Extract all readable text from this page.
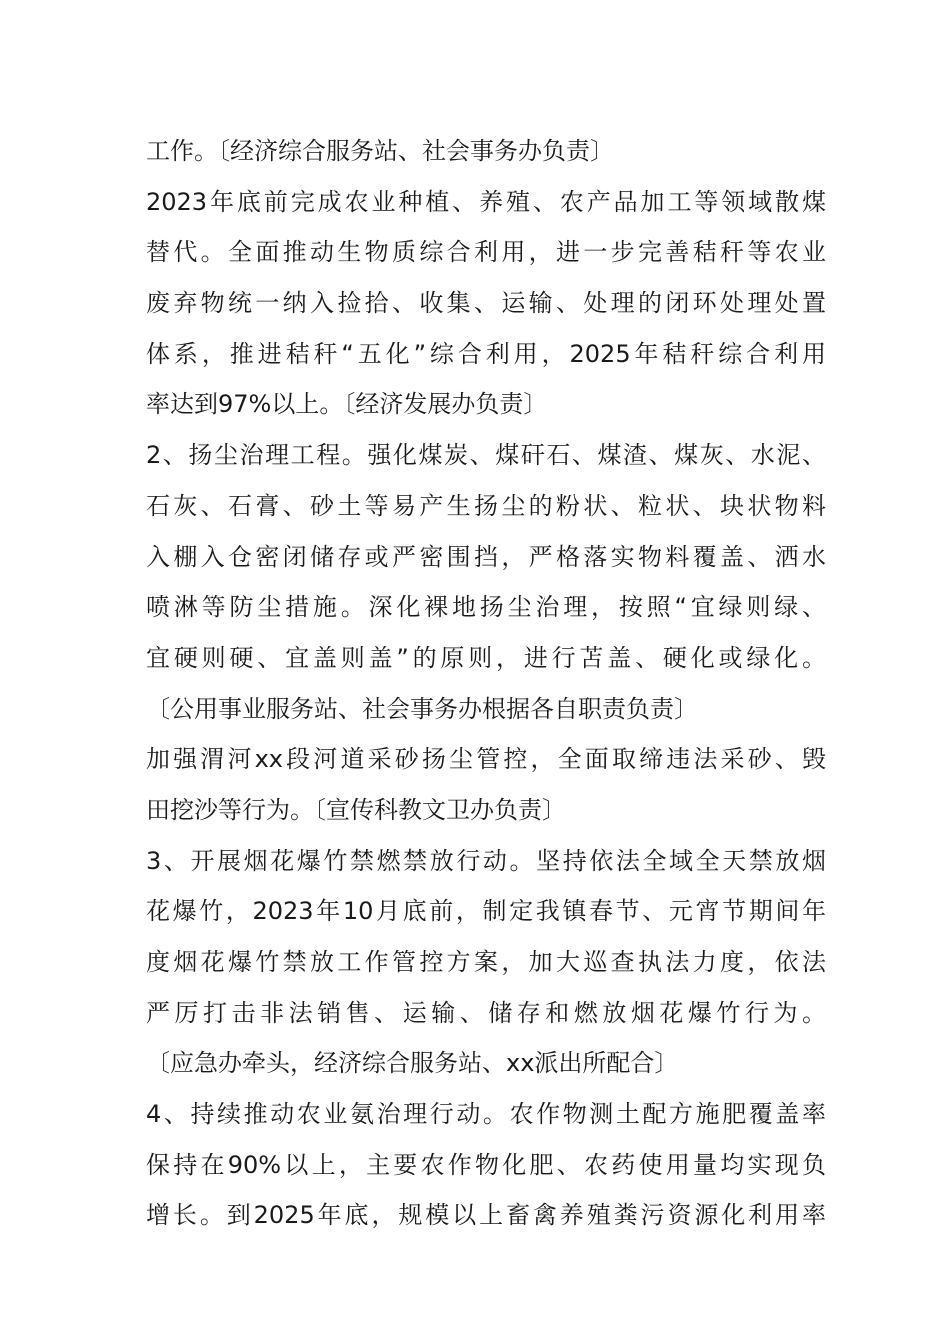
工作。〔经济综合服务站、社会事务办负责〕
2023年底前完成农业种植、养殖、农产品加工等领域散煤
替代。全面推动生物质综合利用，进一步完善秸秆等农业
废弃物统一纳入捡拾、收集、运输、处理的闭环处理处置
体系，推进秸秆“五化”综合利用，2025年秸秆综合利用
率达到97%以上。〔经济发展办负责〕
2、扬尘治理工程。强化煤炭、煤矸石、煤渣、煤灰、水泥、
石灰、石膏、砂土等易产生扬尘的粉状、粒状、块状物料
入棚入仓密闭储存或严密围挡，严格落实物料覆盖、洒水
喷淋等防尘措施。深化裸地扬尘治理，按照“宜绿则绿、
宜硬则硬、宜盖则盖”的原则，进行苫盖、硬化或绿化。
〔公用事业服务站、社会事务办根据各自职责负责〕
加强渭河xx段河道采砂扬尘管控，全面取缔违法采砂、毁
田挖沙等行为。〔宣传科教文卫办负责〕
3、开展烟花爆竹禁燃禁放行动。坚持依法全域全天禁放烟
花爆竹，2023年10月底前，制定我镇春节、元宵节期间年
度烟花爆竹禁放工作管控方案，加大巡查执法力度，依法
严厉打击非法销售、运输、储存和燃放烟花爆竹行为。
〔应急办牵头，经济综合服务站、xx派出所配合〕
4、持续推动农业氨治理行动。农作物测土配方施肥覆盖率
保持在90%以上，主要农作物化肥、农药使用量均实现负
增长。到2025年底，规模以上畜禽养殖粪污资源化利用率
